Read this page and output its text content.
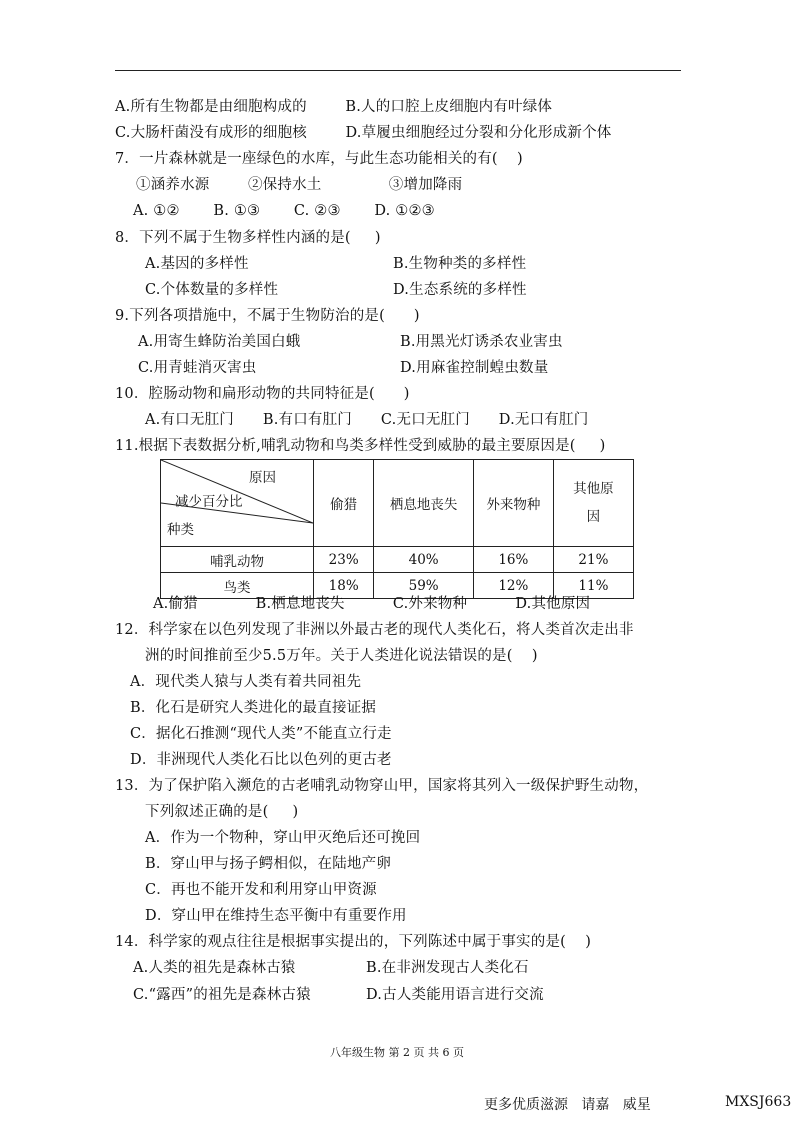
A.所有生物都是由细胞构成的        B.人的口腔上皮细胞内有叶绿体
C.大肠杆菌没有成形的细胞核        D.草履虫细胞经过分裂和分化形成新个体
7．一片森林就是一座绿色的水库，与此生态功能相关的有(    )
①涵养水源        ②保持水土              ③增加降雨
A. ①②       B. ①③       C. ②③       D. ①②③
8．下列不属于生物多样性内涵的是(     )
A.基因的多样性	B.生物种类的多样性
C.个体数量的多样性	D.生态系统的多样性
9.下列各项措施中，不属于生物防治的是(      )
A.用寄生蜂防治美国白蛾	B.用黑光灯诱杀农业害虫
C.用青蛙消灭害虫	D.用麻雀控制蝗虫数量
10．腔肠动物和扁形动物的共同特征是(      )
A.有口无肛门      B.有口有肛门      C.无口无肛门      D.无口有肛门
11.根据下表数据分析,哺乳动物和鸟类多样性受到威胁的最主要原因是(     )
原因
减少百分比
种类	偷猎	栖息地丧失	外来物种	其他原
因
哺乳动物	23%	40%	16%	21%
鸟类	18%	59%	12%	11%
A.偷猎            B.栖息地丧失          C.外来物种          D.其他原因
12．科学家在以色列发现了非洲以外最古老的现代人类化石，将人类首次走出非
洲的时间推前至少5.5万年。关于人类进化说法错误的是(    )
A．现代类人猿与人类有着共同祖先
B．化石是研究人类进化的最直接证据
C．据化石推测“现代人类”不能直立行走
D．非洲现代人类化石比以色列的更古老
13．为了保护陷入濒危的古老哺乳动物穿山甲，国家将其列入一级保护野生动物，
下列叙述正确的是(     )
A．作为一个物种，穿山甲灭绝后还可挽回
B．穿山甲与扬子鳄相似，在陆地产卵
C．再也不能开发和利用穿山甲资源
D．穿山甲在维持生态平衡中有重要作用
14．科学家的观点往往是根据事实提出的，下列陈述中属于事实的是(    )
A.人类的祖先是森林古猿	B.在非洲发现古人类化石
C.“露西”的祖先是森林古猿	D.古人类能用语言进行交流
八年级生物 第 2 页 共 6 页
更多优质滋源   请嘉   威星	MXSJ663
